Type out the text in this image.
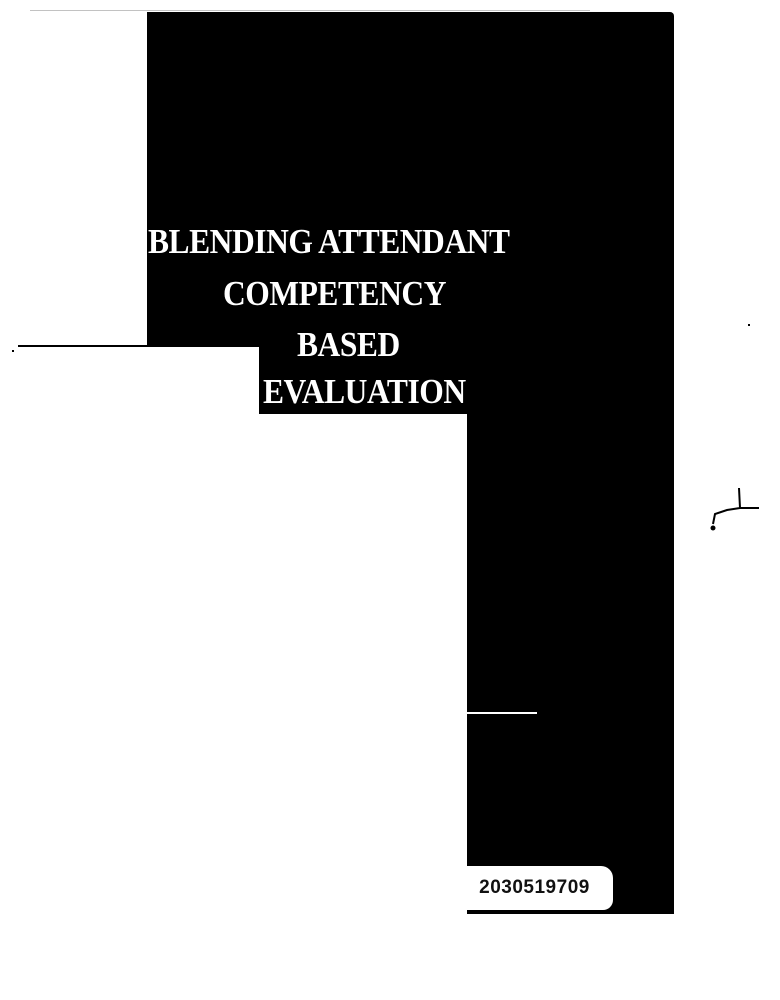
BLENDING ATTENDANT
COMPETENCY
BASED
EVALUATION
TRAINING
2030519709
